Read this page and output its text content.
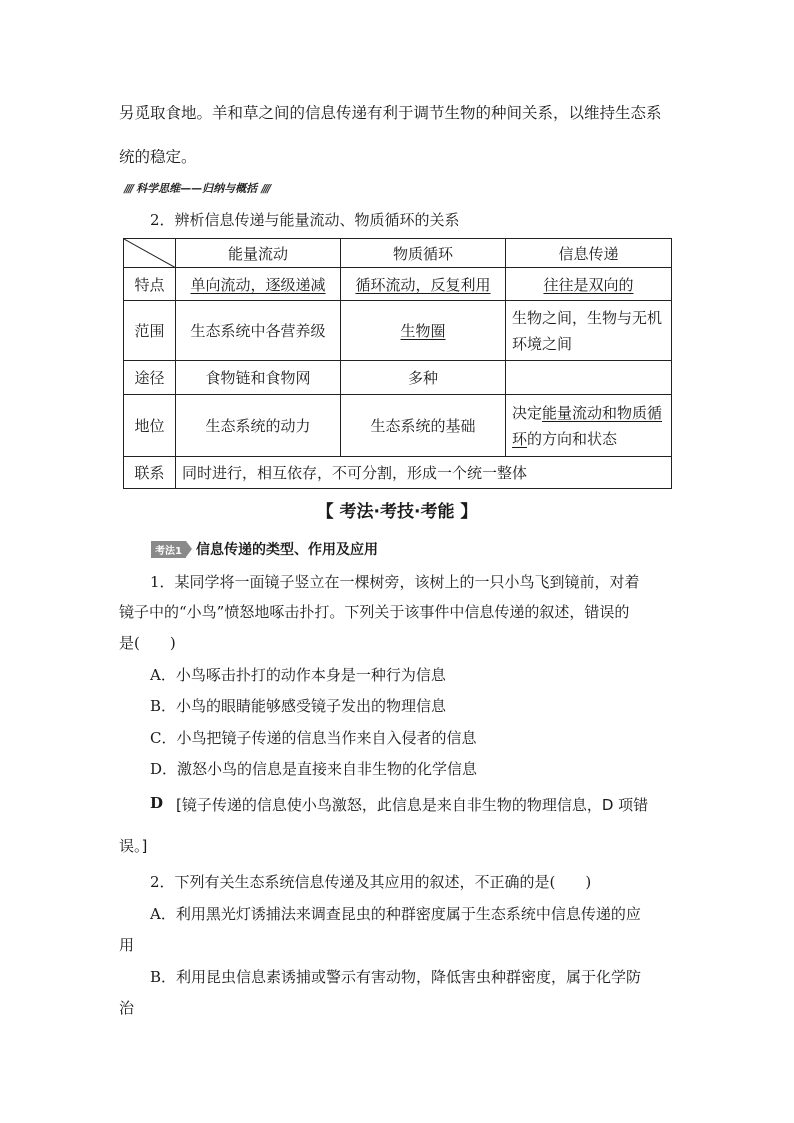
另觅取食地。羊和草之间的信息传递有利于调节生物的种间关系，以维持生态系
统的稳定。
//// 科学思维——归纳与概括 ////
2．辨析信息传递与能量流动、物质循环的关系
	能量流动	物质循环	信息传递
特点	单向流动，逐级递减	循环流动，反复利用	往往是双向的
范围	生态系统中各营养级	生物圈	生物之间，生物与无机环境之间
途径	食物链和食物网	多种	
地位	生态系统的动力	生态系统的基础	决定能量流动和物质循环的方向和状态
联系	同时进行，相互依存，不可分割，形成一个统一整体		
【 考法·考技·考能 】
考法1 信息传递的类型、作用及应用
1．某同学将一面镜子竖立在一棵树旁，该树上的一只小鸟飞到镜前，对着
镜子中的“小鸟”愤怒地啄击扑打。下列关于该事件中信息传递的叙述，错误的
是(　　)
A．小鸟啄击扑打的动作本身是一种行为信息
B．小鸟的眼睛能够感受镜子发出的物理信息
C．小鸟把镜子传递的信息当作来自入侵者的信息
D．激怒小鸟的信息是直接来自非生物的化学信息
D [镜子传递的信息使小鸟激怒，此信息是来自非生物的物理信息，D 项错
误。]
2．下列有关生态系统信息传递及其应用的叙述，不正确的是(　　)
A．利用黑光灯诱捕法来调查昆虫的种群密度属于生态系统中信息传递的应
用
B．利用昆虫信息素诱捕或警示有害动物，降低害虫种群密度，属于化学防
治
